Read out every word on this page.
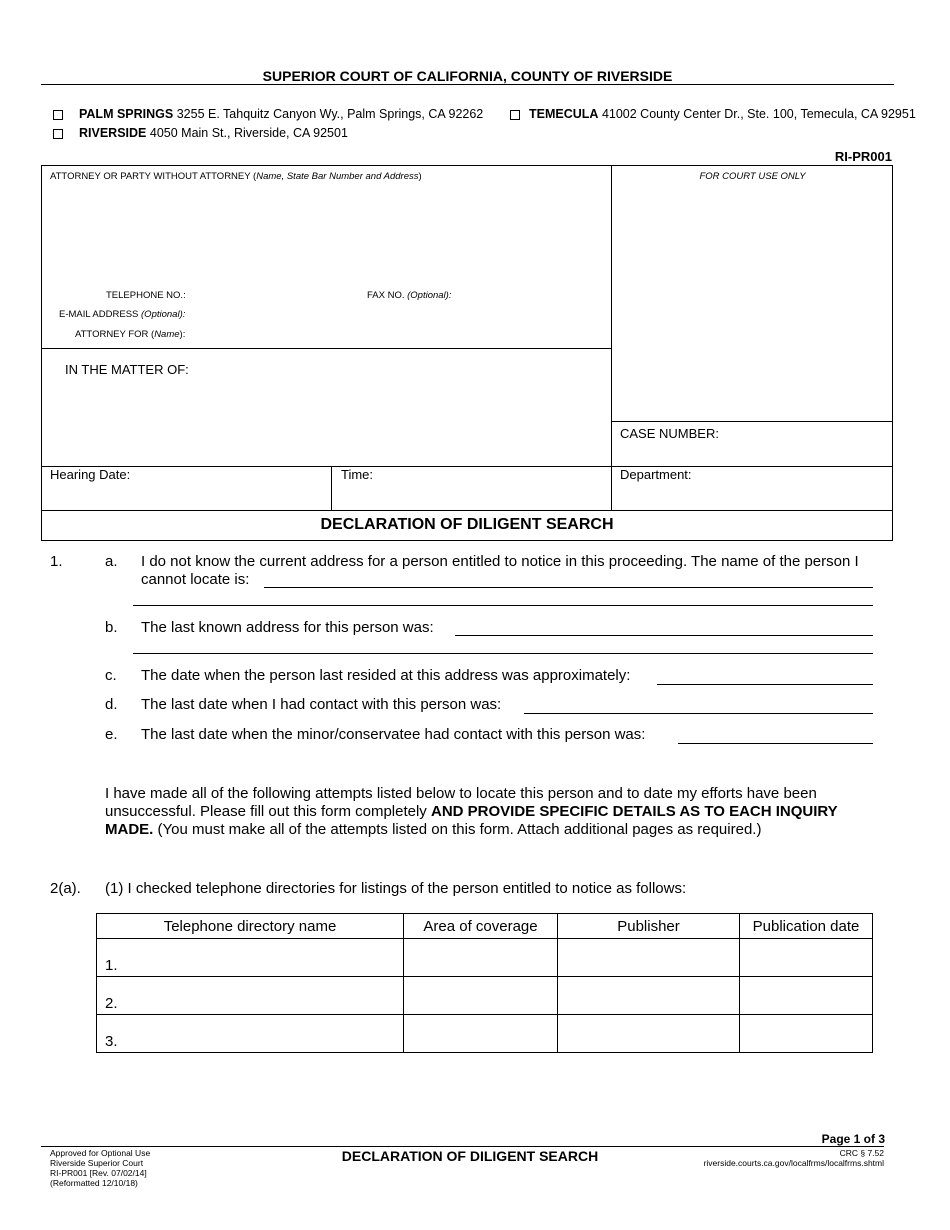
SUPERIOR COURT OF CALIFORNIA, COUNTY OF RIVERSIDE
PALM SPRINGS 3255 E. Tahquitz Canyon Wy., Palm Springs, CA 92262	TEMECULA 41002 County Center Dr., Ste. 100, Temecula, CA 92951
RIVERSIDE 4050 Main St., Riverside, CA 92501
RI-PR001
ATTORNEY OR PARTY WITHOUT ATTORNEY (Name, State Bar Number and Address)	FOR COURT USE ONLY
TELEPHONE NO.:	FAX NO. (Optional):
E-MAIL ADDRESS (Optional):
ATTORNEY FOR (Name):
IN THE MATTER OF:
CASE NUMBER:
Hearing Date:	Time:	Department:
DECLARATION OF DILIGENT SEARCH
1.	a. I do not know the current address for a person entitled to notice in this proceeding. The name of the person I
cannot locate is:
b. The last known address for this person was:
c. The date when the person last resided at this address was approximately:
d. The last date when I had contact with this person was:
e. The last date when the minor/conservatee had contact with this person was:
I have made all of the following attempts listed below to locate this person and to date my efforts have been
unsuccessful. Please fill out this form completely AND PROVIDE SPECIFIC DETAILS AS TO EACH INQUIRY
MADE. (You must make all of the attempts listed on this form. Attach additional pages as required.)
2(a). (1) I checked telephone directories for listings of the person entitled to notice as follows:
Telephone directory name	Area of coverage	Publisher	Publication date
1.			
2.			
3.			
Page 1 of 3
Approved for Optional Use
Riverside Superior Court
RI-PR001 [Rev. 07/02/14]
(Reformatted 12/10/18)
DECLARATION OF DILIGENT SEARCH	CRC § 7.52
riverside.courts.ca.gov/localfrms/localfrms.shtml
